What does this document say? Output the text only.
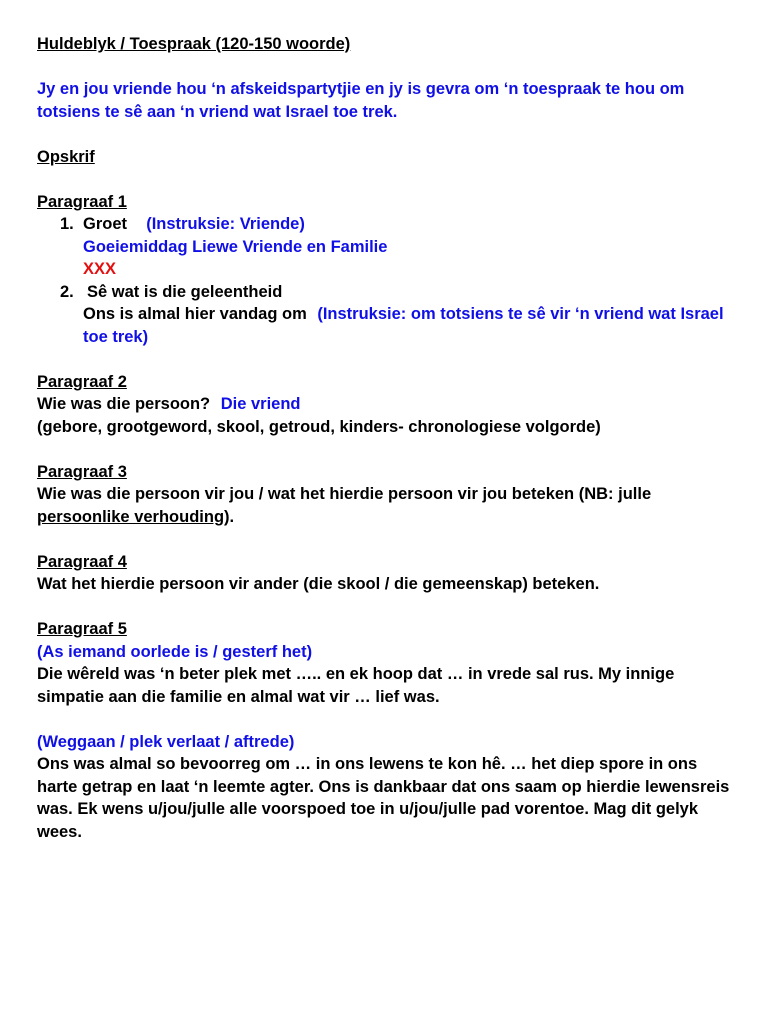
Huldeblyk / Toespraak (120-150 woorde)
Jy en jou vriende hou ‘n afskeidspartytjie en jy is gevra om ‘n toespraak te hou om totsiens te sê aan ‘n vriend wat Israel toe trek.
Opskrif
Paragraaf 1
1. Groet (Instruksie: Vriende)
Goeiemiddag Liewe Vriende en Familie
XXX
2. Sê wat is die geleentheid
Ons is almal hier vandag om (Instruksie: om totsiens te sê vir ‘n vriend wat Israel toe trek)
Paragraaf 2
Wie was die persoon? Die vriend
(gebore, grootgeword, skool, getroud, kinders- chronologiese volgorde)
Paragraaf 3
Wie was die persoon vir jou / wat het hierdie persoon vir jou beteken (NB: julle
persoonlike verhouding).
Paragraaf 4
Wat het hierdie persoon vir ander (die skool / die gemeenskap) beteken.
Paragraaf 5
(As iemand oorlede is / gesterf het)
Die wêreld was ‘n beter plek met ….. en ek hoop dat … in vrede sal rus. My innige simpatie aan die familie en almal wat vir … lief was.
(Weggaan / plek verlaat / aftrede)
Ons was almal so bevoorreg om … in ons lewens te kon hê. … het diep spore in ons harte getrap en laat ‘n leemte agter. Ons is dankbaar dat ons saam op hierdie lewensreis was. Ek wens u/jou/julle alle voorspoed toe in u/jou/julle pad vorentoe. Mag dit gelyk wees.
